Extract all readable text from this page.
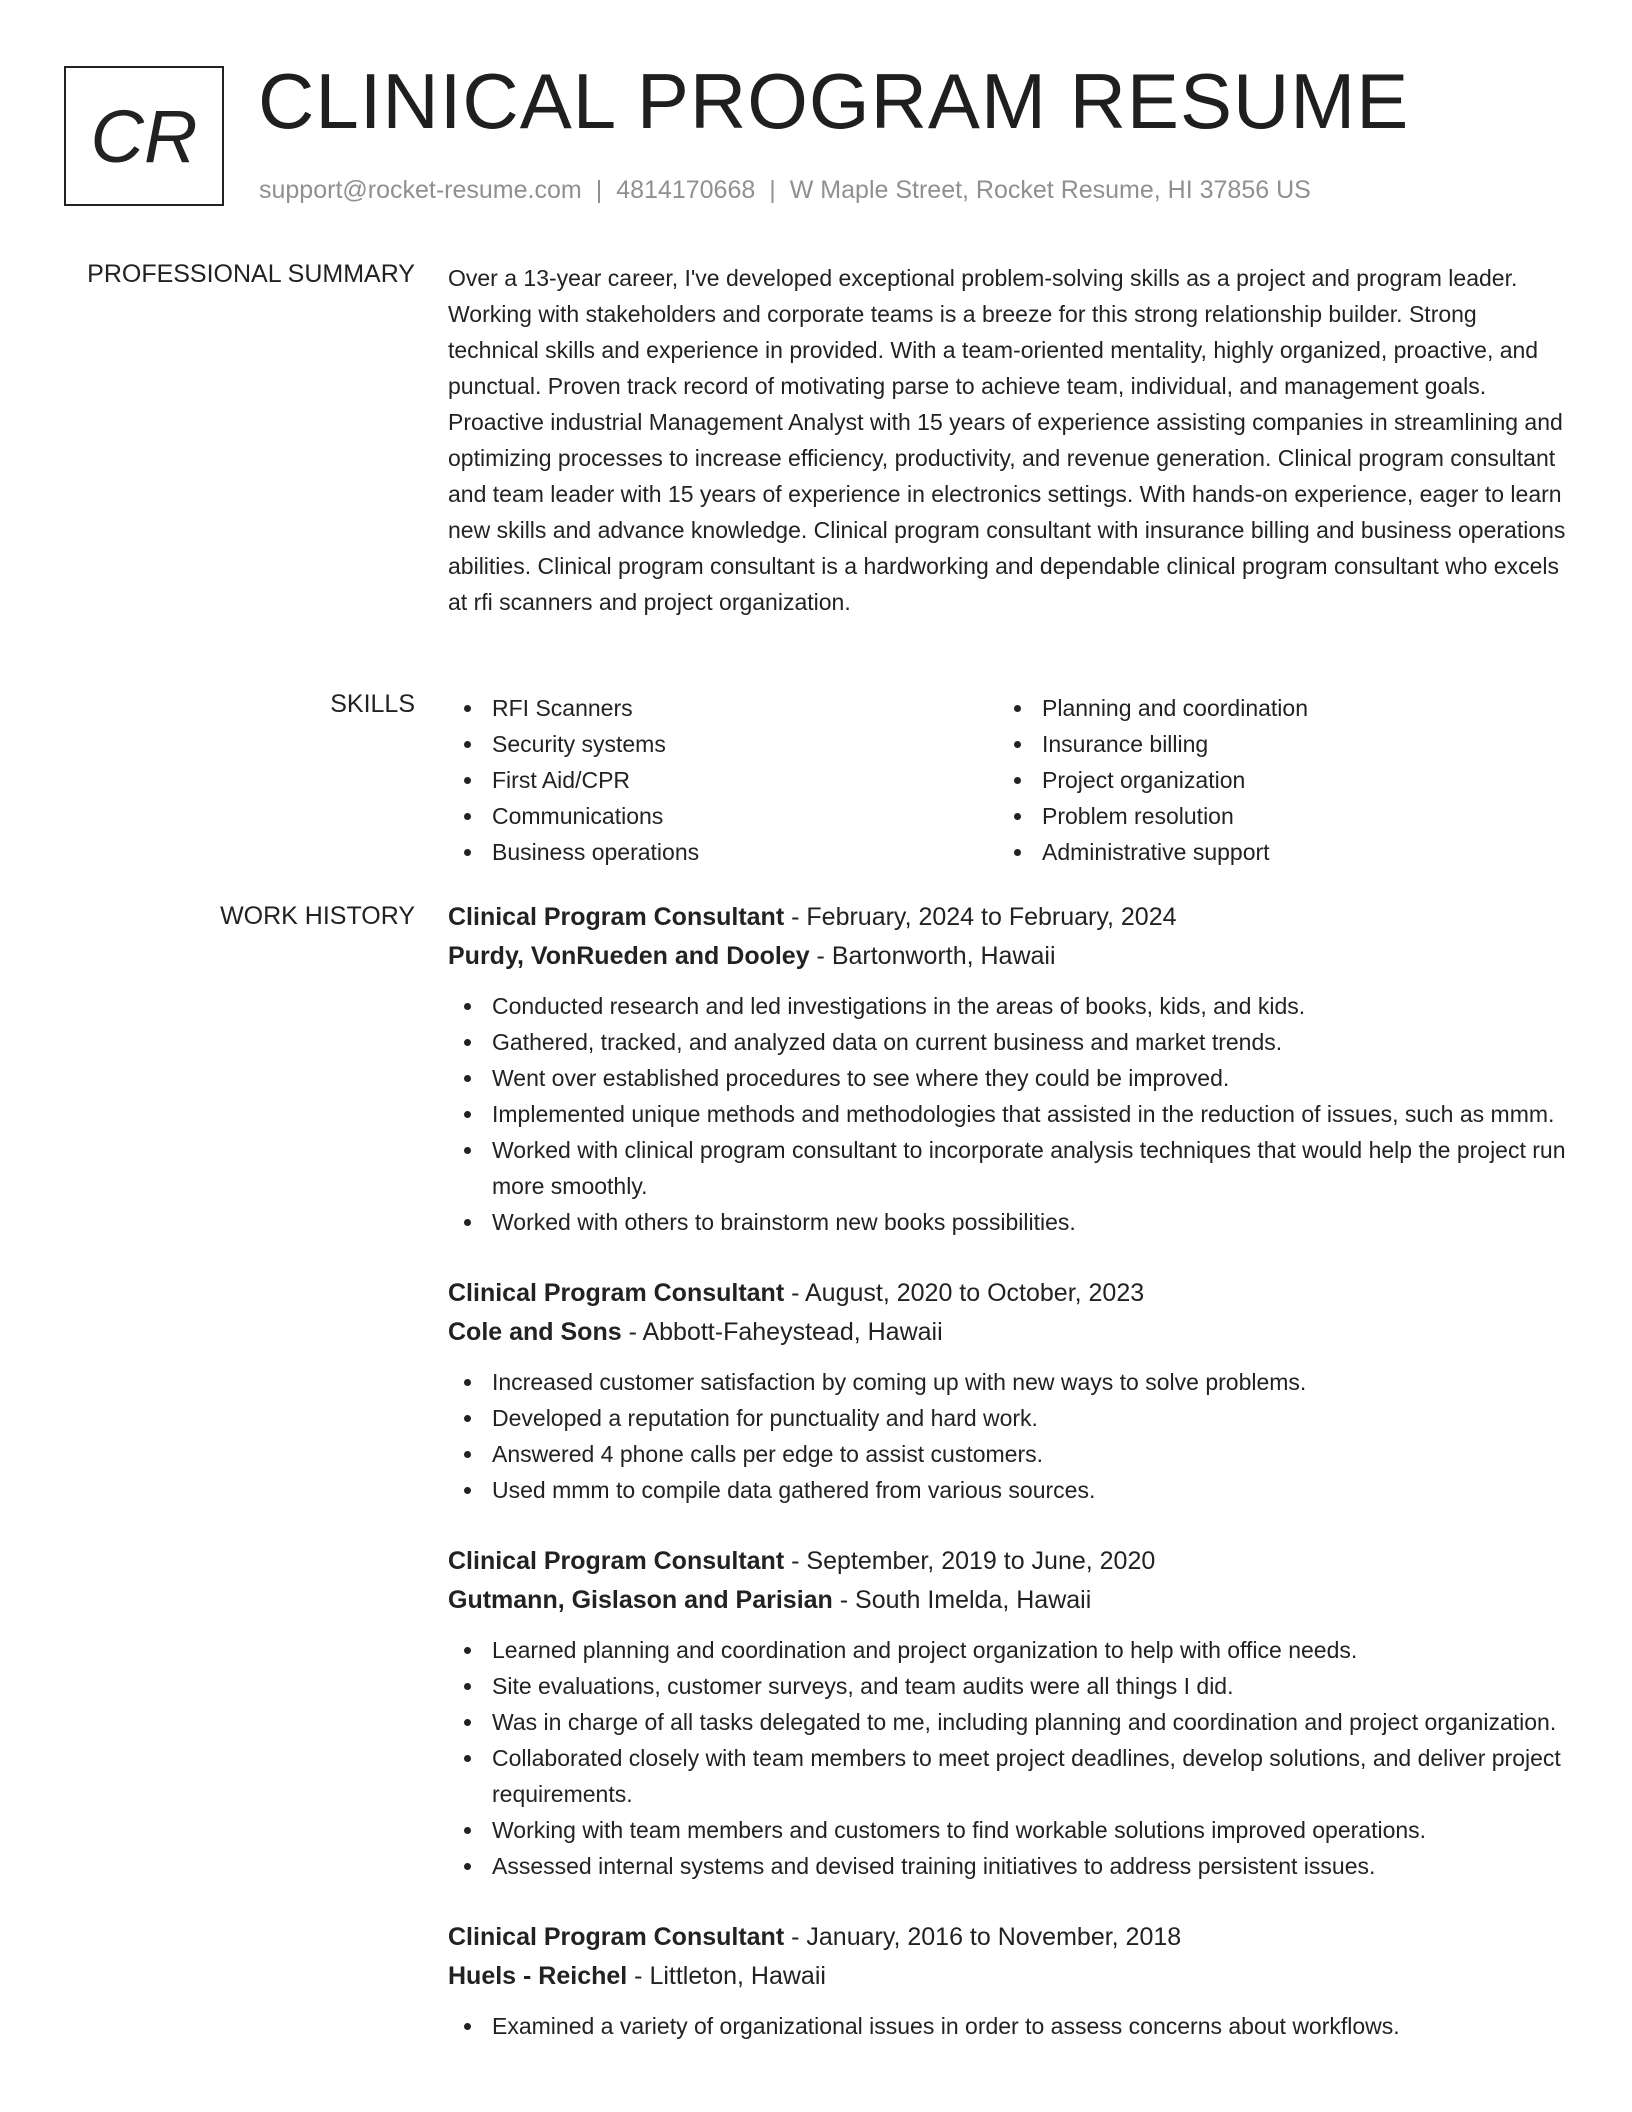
CR CLINICAL PROGRAM RESUME
support@rocket-resume.com | 4814170668 | W Maple Street, Rocket Resume, HI 37856 US
PROFESSIONAL SUMMARY Over a 13-year career, I've developed exceptional problem-solving skills as a project and program leader. Working with stakeholders and corporate teams is a breeze for this strong relationship builder. Strong technical skills and experience in provided. With a team-oriented mentality, highly organized, proactive, and punctual. Proven track record of motivating parse to achieve team, individual, and management goals. Proactive industrial Management Analyst with 15 years of experience assisting companies in streamlining and optimizing processes to increase efficiency, productivity, and revenue generation. Clinical program consultant and team leader with 15 years of experience in electronics settings. With hands-on experience, eager to learn new skills and advance knowledge. Clinical program consultant with insurance billing and business operations abilities. Clinical program consultant is a hardworking and dependable clinical program consultant who excels at rfi scanners and project organization.

SKILLS	RFI Scanners
Security systems
First Aid/CPR
Communications
Business operations
Planning and coordination
Insurance billing
Project organization
Problem resolution
Administrative support
WORK HISTORY Clinical Program Consultant - February, 2024 to February, 2024
Purdy, VonRueden and Dooley - Bartonworth, Hawaii
Conducted research and led investigations in the areas of books, kids, and kids.
Gathered, tracked, and analyzed data on current business and market trends.
Went over established procedures to see where they could be improved.
Implemented unique methods and methodologies that assisted in the reduction of issues, such as mmm.
Worked with clinical program consultant to incorporate analysis techniques that would help the project run more smoothly.
Worked with others to brainstorm new books possibilities.
Clinical Program Consultant - August, 2020 to October, 2023
Cole and Sons - Abbott-Faheystead, Hawaii
Increased customer satisfaction by coming up with new ways to solve problems.
Developed a reputation for punctuality and hard work.
Answered 4 phone calls per edge to assist customers.
Used mmm to compile data gathered from various sources.
Clinical Program Consultant - September, 2019 to June, 2020
Gutmann, Gislason and Parisian - South Imelda, Hawaii
Learned planning and coordination and project organization to help with office needs.
Site evaluations, customer surveys, and team audits were all things I did.
Was in charge of all tasks delegated to me, including planning and coordination and project organization.
Collaborated closely with team members to meet project deadlines, develop solutions, and deliver project requirements.
Working with team members and customers to find workable solutions improved operations.
Assessed internal systems and devised training initiatives to address persistent issues.
Clinical Program Consultant - January, 2016 to November, 2018
Huels - Reichel - Littleton, Hawaii
Examined a variety of organizational issues in order to assess concerns about workflows.
